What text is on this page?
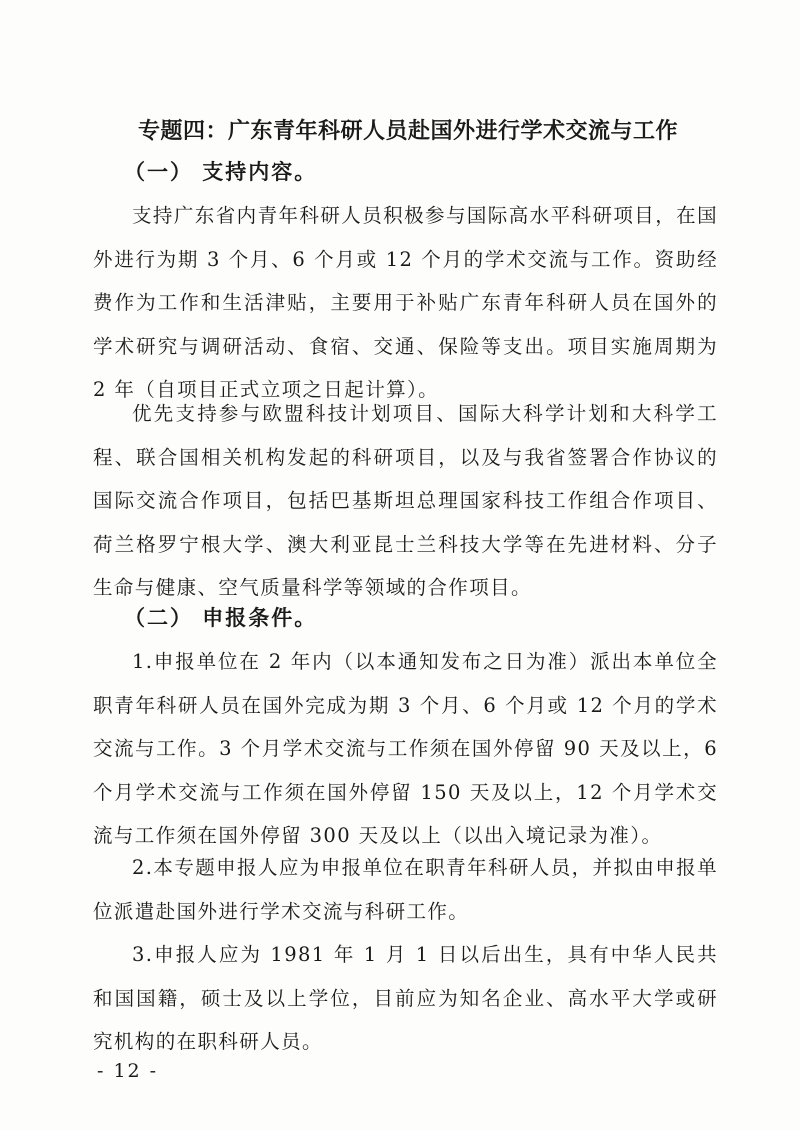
专题四：广东青年科研人员赴国外进行学术交流与工作
（一） 支持内容。

支持广东省内青年科研人员积极参与国际高水平科研项目，在国外进行为期 3 个月、6 个月或 12 个月的学术交流与工作。资助经费作为工作和生活津贴，主要用于补贴广东青年科研人员在国外的学术研究与调研活动、食宿、交通、保险等支出。项目实施周期为 2 年（自项目正式立项之日起计算）。

优先支持参与欧盟科技计划项目、国际大科学计划和大科学工程、联合国相关机构发起的科研项目，以及与我省签署合作协议的国际交流合作项目，包括巴基斯坦总理国家科技工作组合作项目、荷兰格罗宁根大学、澳大利亚昆士兰科技大学等在先进材料、分子生命与健康、空气质量科学等领域的合作项目。

（二） 申报条件。

1.申报单位在 2 年内（以本通知发布之日为准）派出本单位全职青年科研人员在国外完成为期 3 个月、6 个月或 12 个月的学术交流与工作。3 个月学术交流与工作须在国外停留 90 天及以上，6 个月学术交流与工作须在国外停留 150 天及以上，12 个月学术交流与工作须在国外停留 300 天及以上（以出入境记录为准）。

2.本专题申报人应为申报单位在职青年科研人员，并拟由申报单位派遣赴国外进行学术交流与科研工作。

3.申报人应为 1981 年 1 月 1 日以后出生，具有中华人民共和国国籍，硕士及以上学位，目前应为知名企业、高水平大学或研究机构的在职科研人员。

- 12 -
